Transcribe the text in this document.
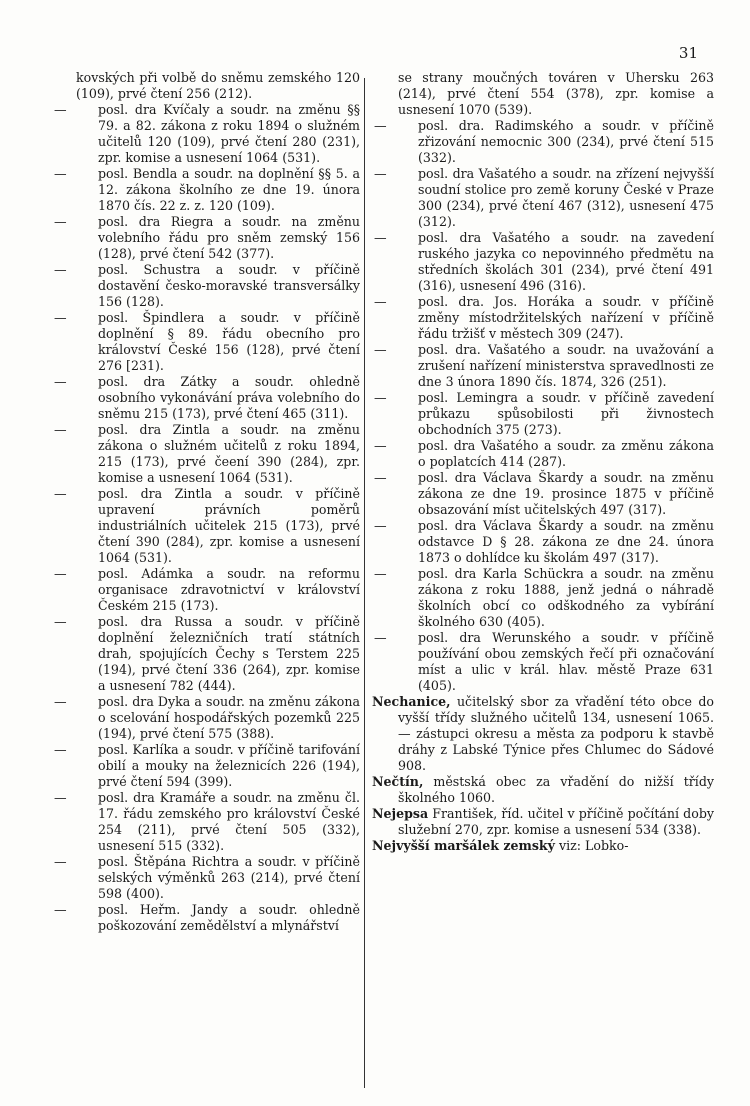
31

kovských při volbě do sněmu zemského 120 (109), prvé čtení 256 (212).

— posl. dra Kvíčaly a soudr. na změnu §§ 79. a 82. zákona z roku 1894 o služném učitelů 120 (109), prvé čtení 280 (231), zpr. komise a usnesení 1064 (531).

— posl. Bendla a soudr. na doplnění §§ 5. a 12. zákona školního ze dne 19. února 1870 čís. 22 z. z. 120 (109).

— posl. dra Riegra a soudr. na změnu volebního řádu pro sněm zemský 156 (128), prvé čtení 542 (377).

— posl. Schustra a soudr. v příčině dostavění česko-moravské transversálky 156 (128).

— posl. Špindlera a soudr. v příčině doplnění § 89. řádu obecního pro království České 156 (128), prvé čtení 276 [231).

— posl. dra Zátky a soudr. ohledně osobního vykonávání práva volebního do sněmu 215 (173), prvé čtení 465 (311).

— posl. dra Zintla a soudr. na změnu zákona o služném učitelů z roku 1894, 215 (173), prvé čeení 390 (284), zpr. komise a usnesení 1064 (531).

— posl. dra Zintla a soudr. v příčině upravení právních poměrů industriálních učitelek 215 (173), prvé čtení 390 (284), zpr. komise a usnesení 1064 (531).

— posl. Adámka a soudr. na reformu organisace zdravotnictví v království Českém 215 (173).

— posl. dra Russa a soudr. v příčině doplnění železničních tratí státních drah, spojujících Čechy s Terstem 225 (194), prvé čtení 336 (264), zpr. komise a usnesení 782 (444).

— posl. dra Dyka a soudr. na změnu zákona o scelování hospodářských pozemků 225 (194), prvé čtení 575 (388).

— posl. Karlíka a soudr. v příčině tarifování obilí a mouky na železnicích 226 (194), prvé čtení 594 (399).

— posl. dra Kramáře a soudr. na změnu čl. 17. řádu zemského pro království České 254 (211), prvé čtení 505 (332), usnesení 515 (332).

— posl. Štěpána Richtra a soudr. v příčině selských výměnků 263 (214), prvé čtení 598 (400).

— posl. Heřm. Jandy a soudr. ohledně poškozování zemědělství a mlynářství

se strany moučných továren v Uhersku 263 (214), prvé čtení 554 (378), zpr. komise a usnesení 1070 (539).

— posl. dra. Radimského a soudr. v příčině zřizování nemocnic 300 (234), prvé čtení 515 (332).

— posl. dra Vašatého a soudr. na zřízení nejvyšší soudní stolice pro země koruny České v Praze 300 (234), prvé čtení 467 (312), usnesení 475 (312).

— posl. dra Vašatého a soudr. na zavedení ruského jazyka co nepovinného předmětu na středních školách 301 (234), prvé čtení 491 (316), usnesení 496 (316).

— posl. dra. Jos. Horáka a soudr. v příčině změny místodržitelských nařízení v příčině řádu tržišť v městech 309 (247).

— posl. dra. Vašatého a soudr. na uvažování a zrušení nařízení ministerstva spravedlnosti ze dne 3 února 1890 čís. 1874, 326 (251).

— posl. Lemingra a soudr. v příčině zavedení průkazu spůsobilosti při živnostech obchodních 375 (273).

— posl. dra Vašatého a soudr. za změnu zákona o poplatcích 414 (287).

— posl. dra Václava Škardy a soudr. na změnu zákona ze dne 19. prosince 1875 v příčině obsazování míst učitelských 497 (317).

— posl. dra Václava Škardy a soudr. na změnu odstavce D § 28. zákona ze dne 24. února 1873 o dohlídce ku školám 497 (317).

— posl. dra Karla Schückra a soudr. na změnu zákona z roku 1888, jenž jedná o náhradě školních obcí co odškodného za vybírání školného 630 (405).

— posl. dra Werunského a soudr. v příčině používání obou zemských řečí při označování míst a ulic v král. hlav. městě Praze 631 (405).

Nechanice, učitelský sbor za vřadění této obce do vyšší třídy služného učitelů 134, usnesení 1065. — zástupci okresu a města za podporu k stavbě dráhy z Labské Týnice přes Chlumec do Sádové 908.

Nečtín, městská obec za vřadění do nižší třídy školného 1060.

Nejepsa František, říd. učitel v příčině počítání doby služební 270, zpr. komise a usnesení 534 (338).

Nejvyšší maršálek zemský viz: Lobko-
